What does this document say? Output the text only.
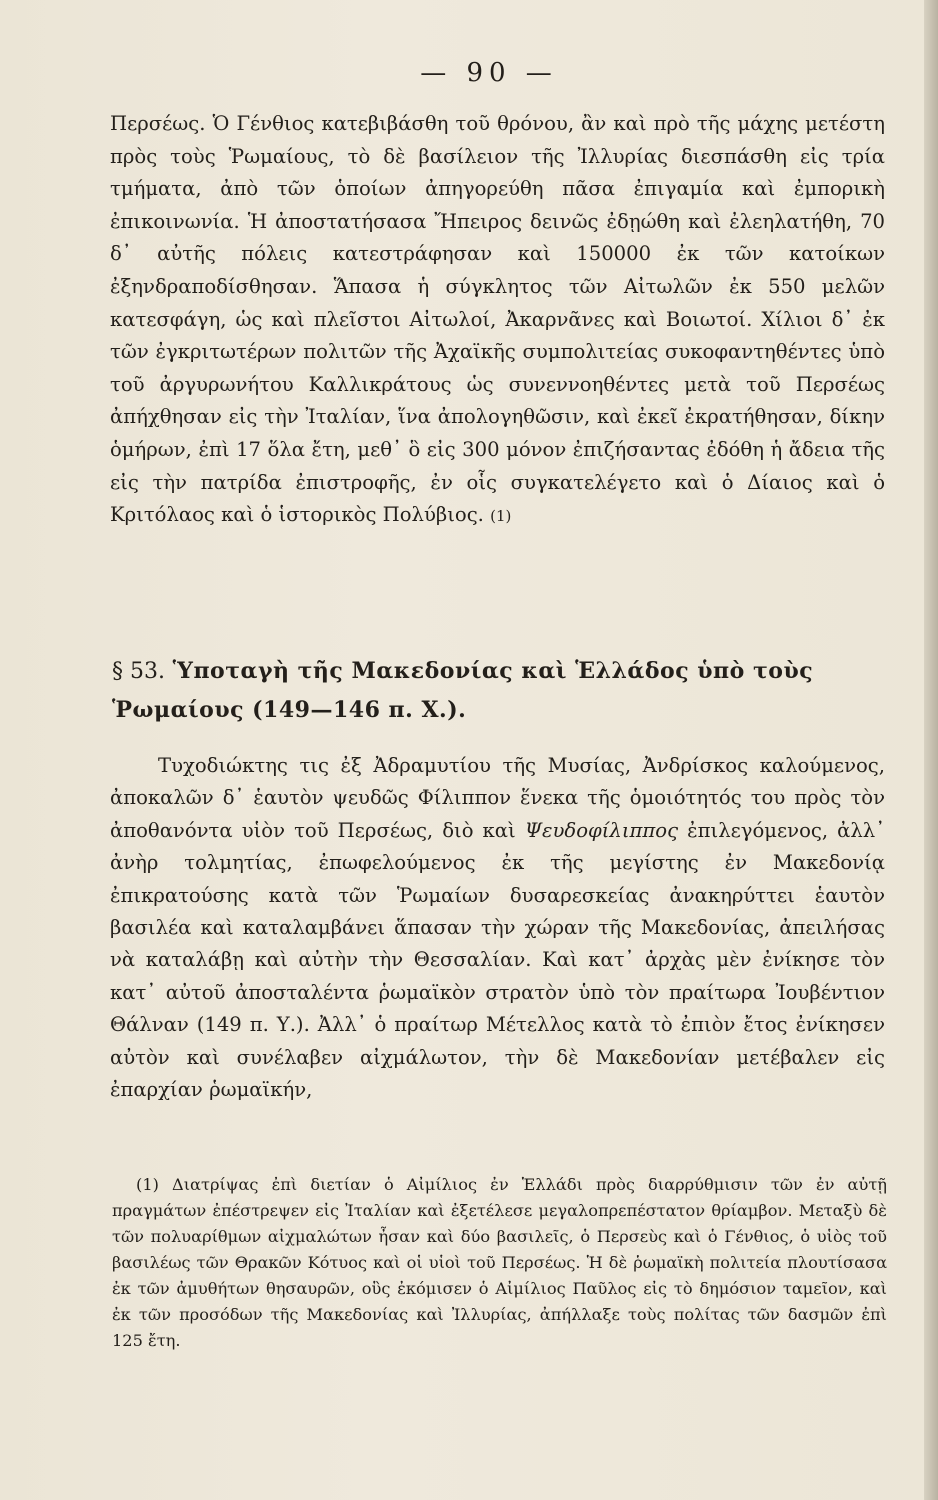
— 90 —

Περσέως. Ὁ Γένθιος κατεβιβάσθη τοῦ θρόνου, ἂν καὶ πρὸ τῆς μάχης μετέστη πρὸς τοὺς Ῥωμαίους, τὸ δὲ βασίλειον τῆς Ἰλλυρίας διεσπάσθη εἰς τρία τμήματα, ἀπὸ τῶν ὁποίων ἀπηγορεύθη πᾶσα ἐπιγαμία καὶ ἐμπορικὴ ἐπικοινωνία. Ἡ ἀποστατήσασα Ἤπειρος δεινῶς ἐδῃώθη καὶ ἐλεηλατήθη, 70 δ᾿ αὐτῆς πόλεις κατεστράφησαν καὶ 150000 ἐκ τῶν κατοίκων ἐξηνδραποδίσθησαν. Ἅπασα ἡ σύγκλητος τῶν Αἰτωλῶν ἐκ 550 μελῶν κατεσφάγη, ὡς καὶ πλεῖστοι Αἰτωλοί, Ἀκαρνᾶνες καὶ Βοιωτοί. Χίλιοι δ᾿ ἐκ τῶν ἐγκριτωτέρων πολιτῶν τῆς Ἀχαϊκῆς συμπολιτείας συκοφαντηθέντες ὑπὸ τοῦ ἀργυρωνήτου Καλλικράτους ὡς συνεννοηθέντες μετὰ τοῦ Περσέως ἀπήχθησαν εἰς τὴν Ἰταλίαν, ἵνα ἀπολογηθῶσιν, καὶ ἐκεῖ ἐκρατήθησαν, δίκην ὁμήρων, ἐπὶ 17 ὅλα ἔτη, μεθ᾿ ὃ εἰς 300 μόνον ἐπιζήσαντας ἐδόθη ἡ ἄδεια τῆς εἰς τὴν πατρίδα ἐπιστροφῆς, ἐν οἷς συγκατελέγετο καὶ ὁ Δίαιος καὶ ὁ Κριτόλαος καὶ ὁ ἱστορικὸς Πολύβιος. (1)

§ 53. Ὑποταγὴ τῆς Μακεδονίας καὶ Ἑλλάδος ὑπὸ τοὺς Ῥωμαίους (149—146 π. Χ.).

Τυχοδιώκτης τις ἐξ Ἀδραμυτίου τῆς Μυσίας, Ἀνδρίσκος καλούμενος, ἀποκαλῶν δ᾿ ἑαυτὸν ψευδῶς Φίλιππον ἕνεκα τῆς ὁμοιότητός του πρὸς τὸν ἀποθανόντα υἱὸν τοῦ Περσέως, διὸ καὶ Ψευδοφίλιππος ἐπιλεγόμενος, ἀλλ᾿ ἀνὴρ τολμητίας, ἐπωφελούμενος ἐκ τῆς μεγίστης ἐν Μακεδονίᾳ ἐπικρατούσης κατὰ τῶν Ῥωμαίων δυσαρεσκείας ἀνακηρύττει ἑαυτὸν βασιλέα καὶ καταλαμβάνει ἅπασαν τὴν χώραν τῆς Μακεδονίας, ἀπειλήσας νὰ καταλάβῃ καὶ αὐτὴν τὴν Θεσσαλίαν. Καὶ κατ᾿ ἀρχὰς μὲν ἐνίκησε τὸν κατ᾿ αὐτοῦ ἀποσταλέντα ῥωμαϊκὸν στρατὸν ὑπὸ τὸν πραίτωρα Ἰουβέντιον Θάλναν (149 π. Υ.). Ἀλλ᾿ ὁ πραίτωρ Μέτελλος κατὰ τὸ ἐπιὸν ἔτος ἐνίκησεν αὐτὸν καὶ συνέλαβεν αἰχμάλωτον, τὴν δὲ Μακεδονίαν μετέβαλεν εἰς ἐπαρχίαν ῥωμαϊκήν,

(1) Διατρίψας ἐπὶ διετίαν ὁ Αἰμίλιος ἐν Ἑλλάδι πρὸς διαρρύθμισιν τῶν ἐν αὐτῇ πραγμάτων ἐπέστρεψεν εἰς Ἰταλίαν καὶ ἐξετέλεσε μεγαλοπρεπέστατον θρίαμβον. Μεταξὺ δὲ τῶν πολυαρίθμων αἰχμαλώτων ἦσαν καὶ δύο βασιλεῖς, ὁ Περσεὺς καὶ ὁ Γένθιος, ὁ υἱὸς τοῦ βασιλέως τῶν Θρακῶν Κότυος καὶ οἱ υἱοὶ τοῦ Περσέως. Ἡ δὲ ῥωμαϊκὴ πολιτεία πλουτίσασα ἐκ τῶν ἀμυθήτων θησαυρῶν, οὓς ἐκόμισεν ὁ Αἰμίλιος Παῦλος εἰς τὸ δημόσιον ταμεῖον, καὶ ἐκ τῶν προσόδων τῆς Μακεδονίας καὶ Ἰλλυρίας, ἀπήλλαξε τοὺς πολίτας τῶν δασμῶν ἐπὶ 125 ἔτη.
